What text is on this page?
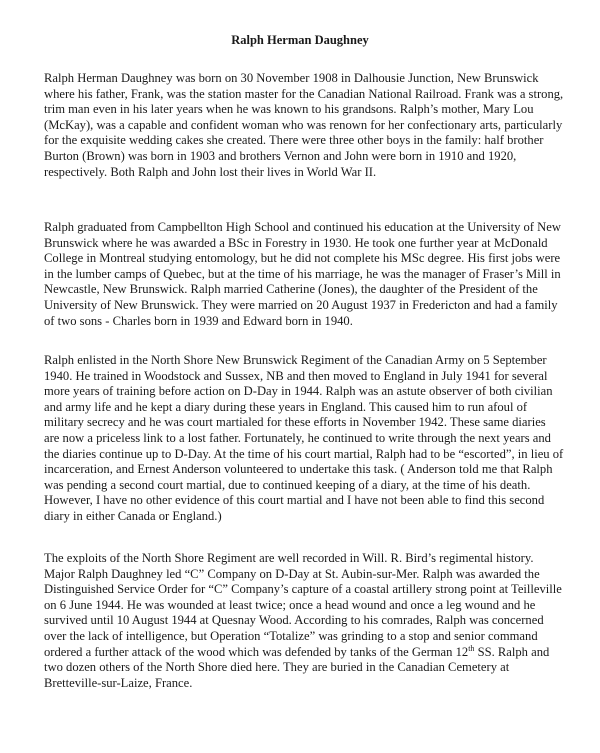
Ralph Herman Daughney

Ralph Herman Daughney was born on 30 November 1908 in Dalhousie Junction, New Brunswick where his father, Frank, was the station master for the Canadian National Railroad. Frank was a strong, trim man even in his later years when he was known to his grandsons. Ralph’s mother, Mary Lou (McKay), was a capable and confident woman who was renown for her confectionary arts, particularly for the exquisite wedding cakes she created. There were three other boys in the family: half brother Burton (Brown) was born in 1903 and brothers Vernon and John were born in 1910 and 1920, respectively. Both Ralph and John lost their lives in World War II.

Ralph graduated from Campbellton High School and continued his education at the University of New Brunswick where he was awarded a BSc in Forestry in 1930. He took one further year at McDonald College in Montreal studying entomology, but he did not complete his MSc degree. His first jobs were in the lumber camps of Quebec, but at the time of his marriage, he was the manager of Fraser’s Mill in Newcastle, New Brunswick. Ralph married Catherine (Jones), the daughter of the President of the University of New Brunswick. They were married on 20 August 1937 in Fredericton and had a family of two sons - Charles born in 1939 and Edward born in 1940.

Ralph enlisted in the North Shore New Brunswick Regiment of the Canadian Army on 5 September 1940. He trained in Woodstock and Sussex, NB and then moved to England in July 1941 for several more years of training before action on D-Day in 1944. Ralph was an astute observer of both civilian and army life and he kept a diary during these years in England. This caused him to run afoul of military secrecy and he was court martialed for these efforts in November 1942. These same diaries are now a priceless link to a lost father. Fortunately, he continued to write through the next years and the diaries continue up to D-Day. At the time of his court martial, Ralph had to be “escorted”, in lieu of incarceration, and Ernest Anderson volunteered to undertake this task. ( Anderson told me that Ralph was pending a second court martial, due to continued keeping of a diary, at the time of his death. However, I have no other evidence of this court martial and I have not been able to find this second diary in either Canada or England.)

The exploits of the North Shore Regiment are well recorded in Will. R. Bird’s regimental history. Major Ralph Daughney led “C” Company on D-Day at St. Aubin-sur-Mer. Ralph was awarded the Distinguished Service Order for “C” Company’s capture of a coastal artillery strong point at Teilleville on 6 June 1944. He was wounded at least twice; once a head wound and once a leg wound and he survived until 10 August 1944 at Quesnay Wood. According to his comrades, Ralph was concerned over the lack of intelligence, but Operation “Totalize” was grinding to a stop and senior command ordered a further attack of the wood which was defended by tanks of the German 12th SS. Ralph and two dozen others of the North Shore died here. They are buried in the Canadian Cemetery at Bretteville-sur-Laize, France.
